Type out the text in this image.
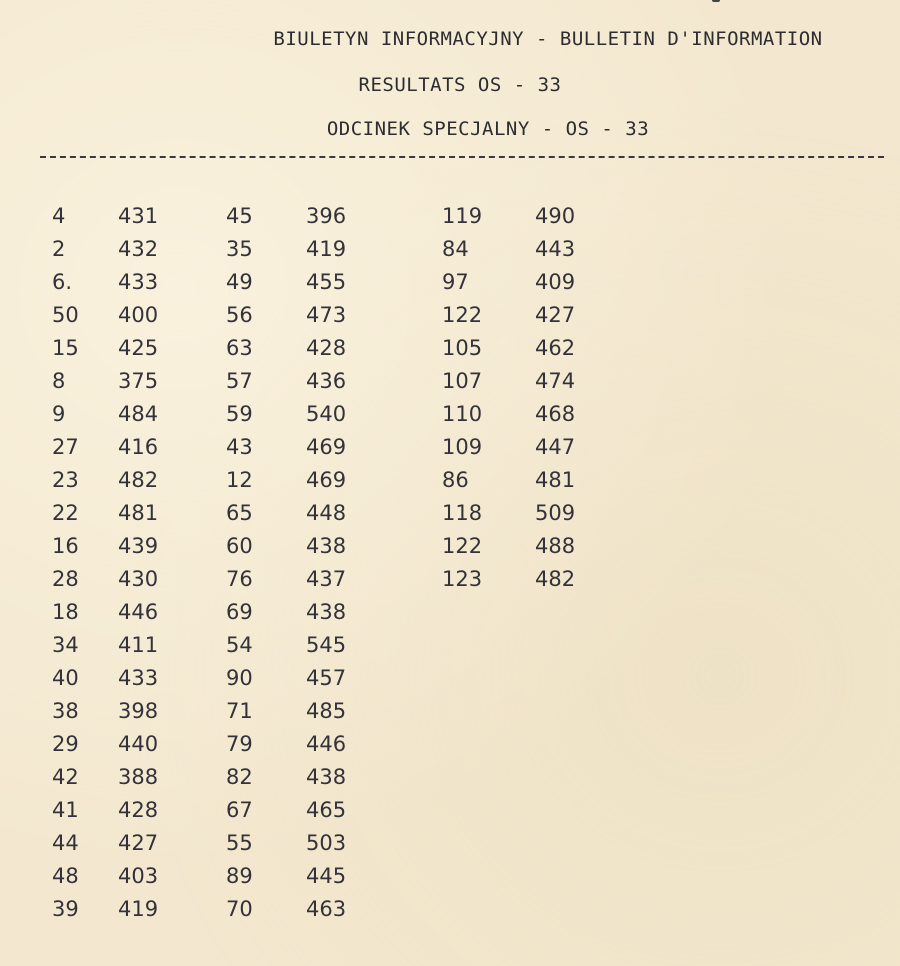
BIULETYN INFORMACYJNY - BULLETIN D'INFORMATION
RESULTATS OS - 33
ODCINEK SPECJALNY - OS - 33
4
2
6.
50
15
8
9
27
23
22
16
28
18
34
40
38
29
42
41
44
48
39
431
432
433
400
425
375
484
416
482
481
439
430
446
411
433
398
440
388
428
427
403
419
45
35
49
56
63
57
59
43
12
65
60
76
69
54
90
71
79
82
67
55
89
70
396
419
455
473
428
436
540
469
469
448
438
437
438
545
457
485
446
438
465
503
445
463
119
84
97
122
105
107
110
109
86
118
122
123
490
443
409
427
462
474
468
447
481
509
488
482
